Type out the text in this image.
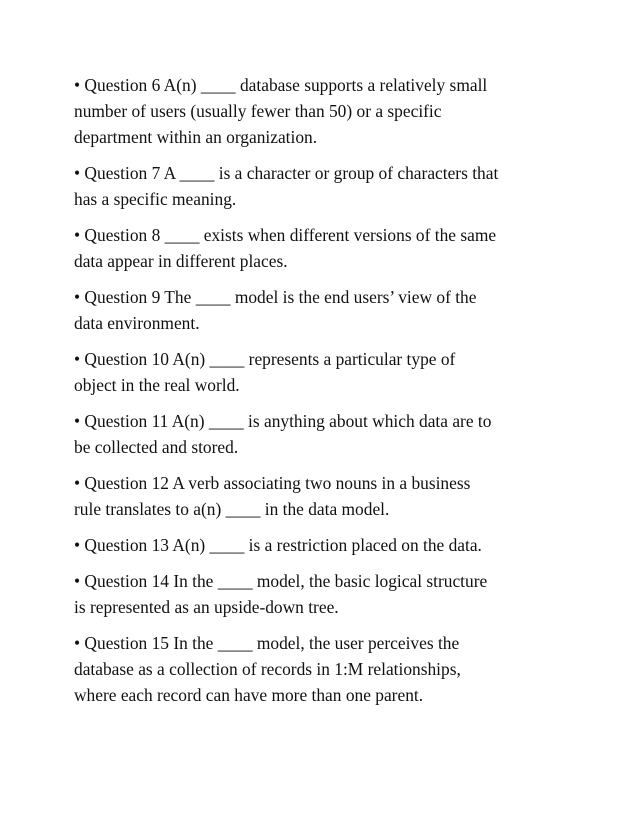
• Question 6 A(n) ____ database supports a relatively small
number of users (usually fewer than 50) or a specific
department within an organization.

• Question 7 A ____ is a character or group of characters that
has a specific meaning.

• Question 8 ____ exists when different versions of the same
data appear in different places.

• Question 9 The ____ model is the end users’ view of the
data environment.

• Question 10 A(n) ____ represents a particular type of
object in the real world.

• Question 11 A(n) ____ is anything about which data are to
be collected and stored.

• Question 12 A verb associating two nouns in a business
rule translates to a(n) ____ in the data model.

• Question 13 A(n) ____ is a restriction placed on the data.

• Question 14 In the ____ model, the basic logical structure
is represented as an upside-down tree.

• Question 15 In the ____ model, the user perceives the
database as a collection of records in 1:M relationships,
where each record can have more than one parent.
